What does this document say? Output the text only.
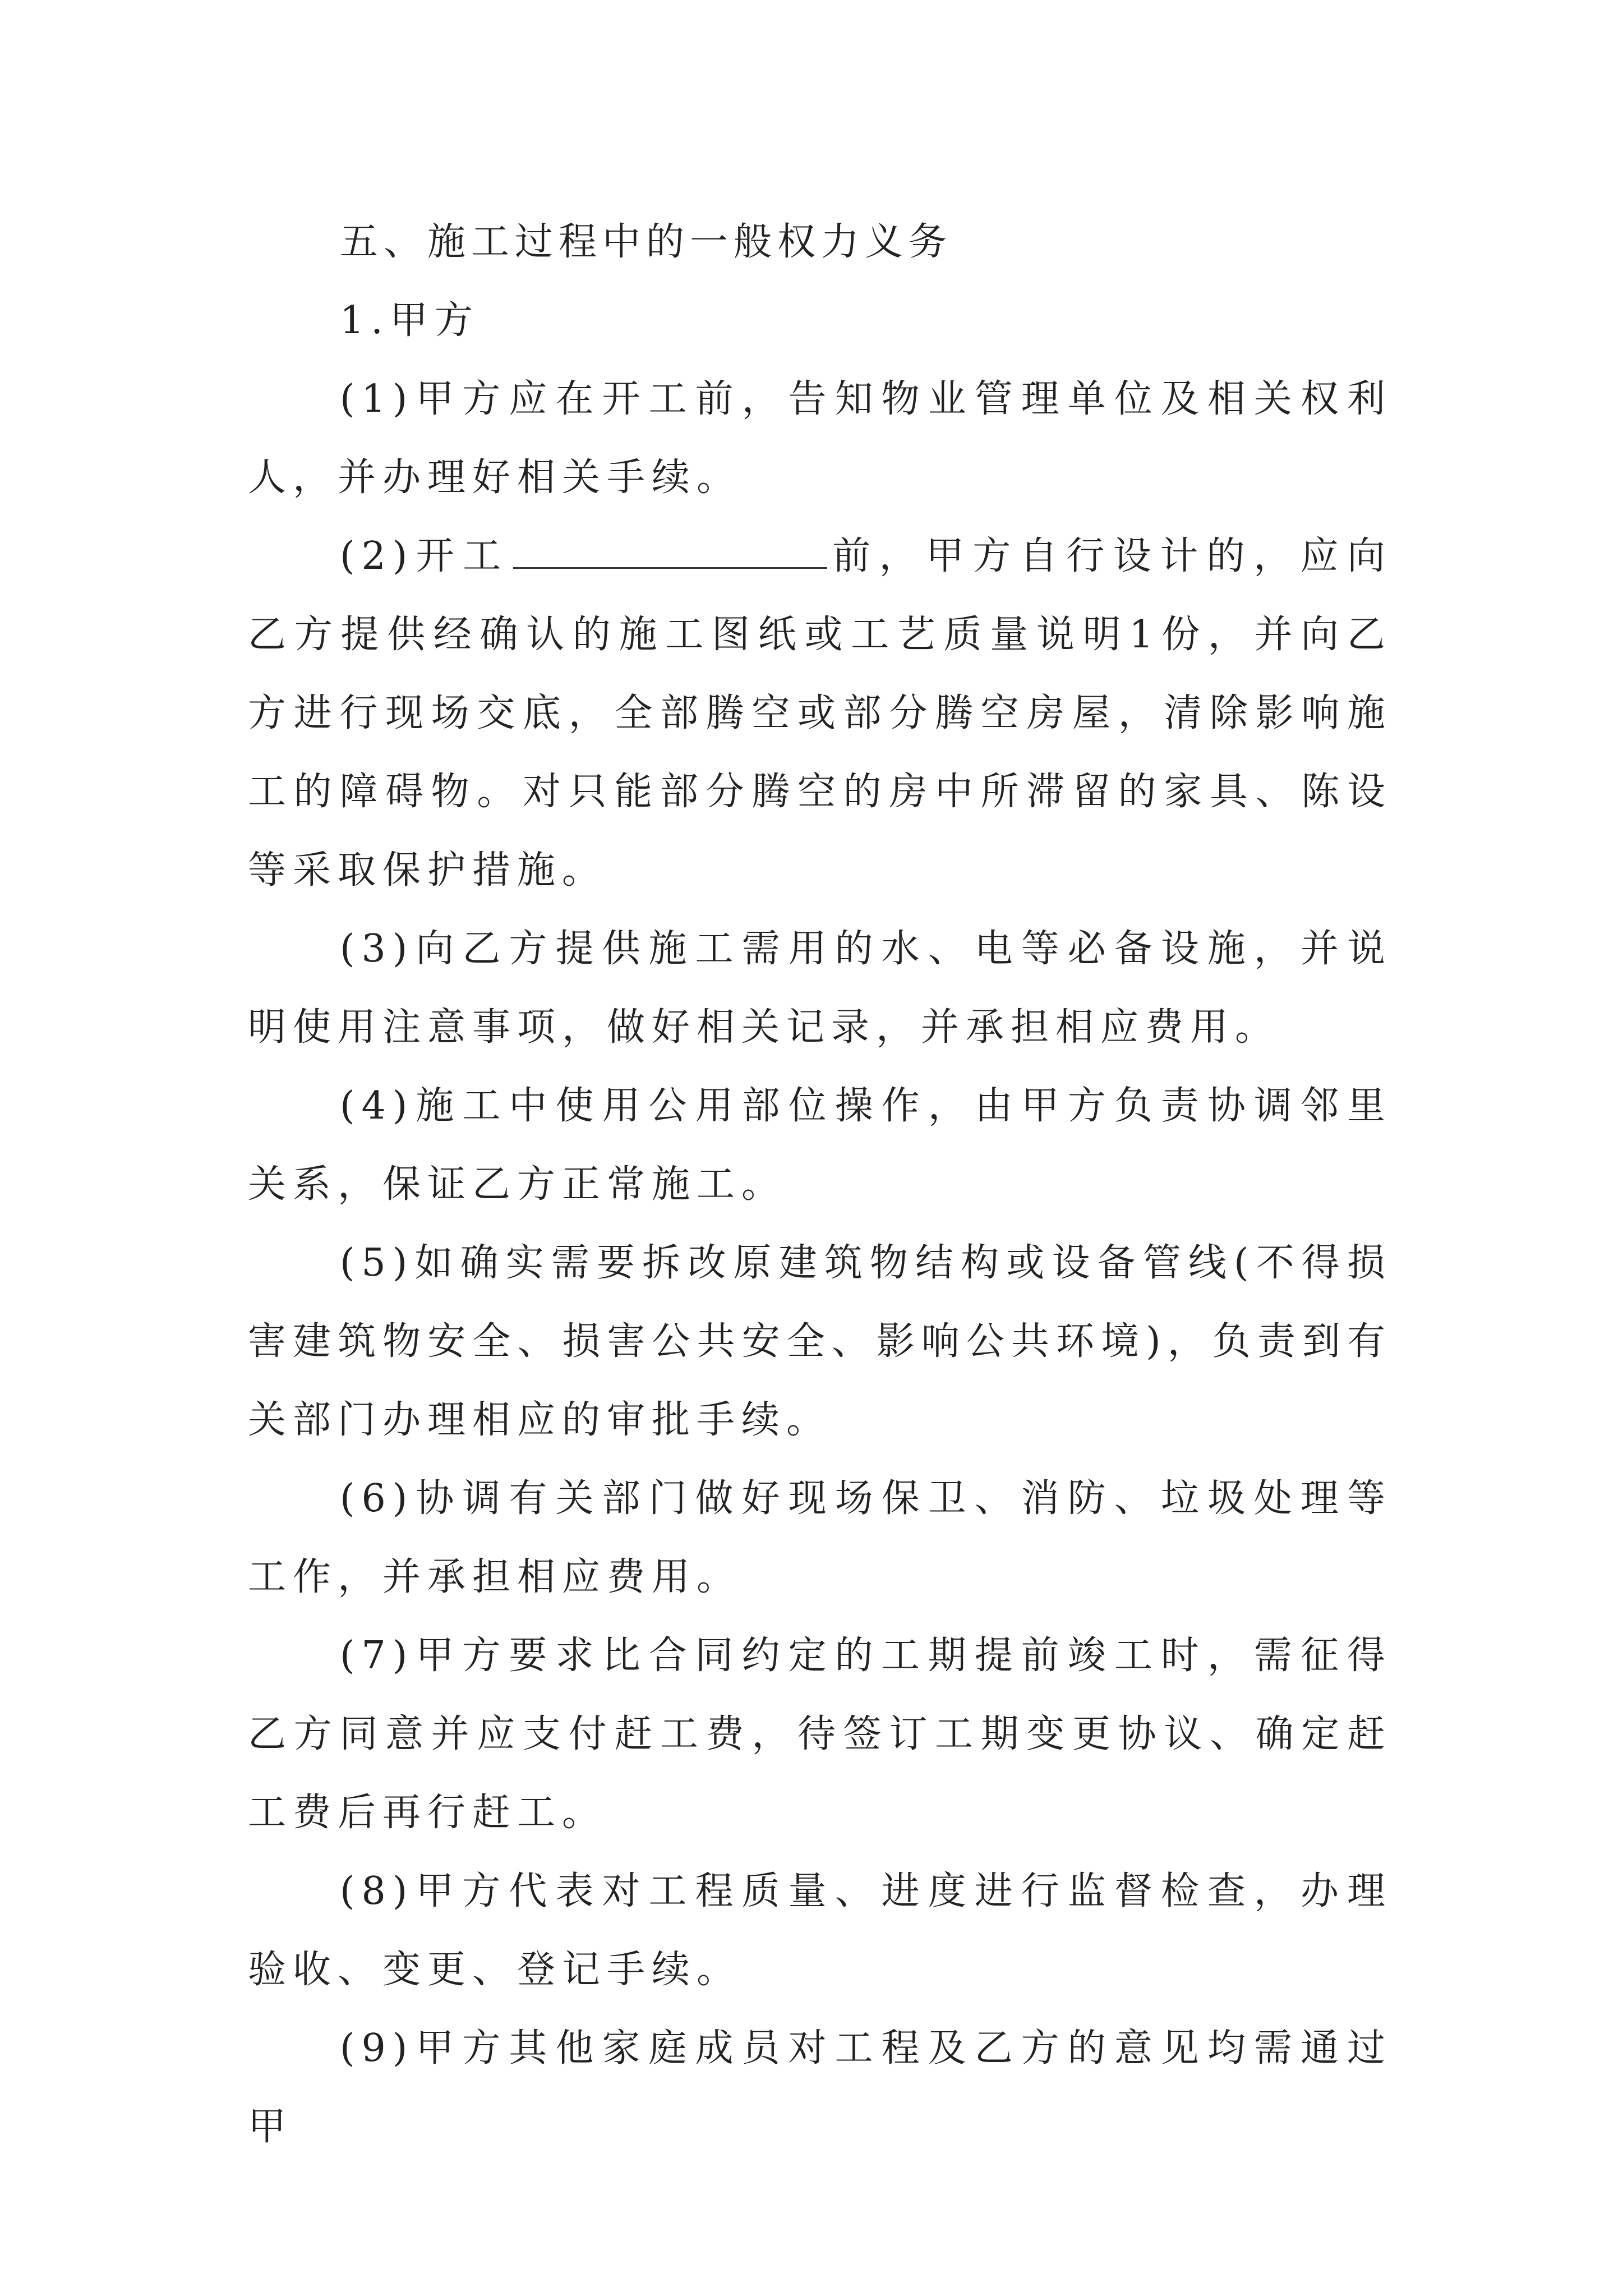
五、施工过程中的一般权力义务

1.甲方

(1)甲方应在开工前，告知物业管理单位及相关权利人，并办理好相关手续。

(2)开工	前，甲方自行设计的，应向乙方提供经确认的施工图纸或工艺质量说明1份，并向乙方进行现场交底，全部腾空或部分腾空房屋，清除影响施工的障碍物。对只能部分腾空的房中所滞留的家具、陈设等采取保护措施。

(3)向乙方提供施工需用的水、电等必备设施，并说明使用注意事项，做好相关记录，并承担相应费用。

(4)施工中使用公用部位操作，由甲方负责协调邻里关系，保证乙方正常施工。

(5)如确实需要拆改原建筑物结构或设备管线(不得损害建筑物安全、损害公共安全、影响公共环境)，负责到有关部门办理相应的审批手续。

(6)协调有关部门做好现场保卫、消防、垃圾处理等工作，并承担相应费用。

(7)甲方要求比合同约定的工期提前竣工时，需征得乙方同意并应支付赶工费，待签订工期变更协议、确定赶工费后再行赶工。

(8)甲方代表对工程质量、进度进行监督检查，办理验收、变更、登记手续。

(9)甲方其他家庭成员对工程及乙方的意见均需通过甲
